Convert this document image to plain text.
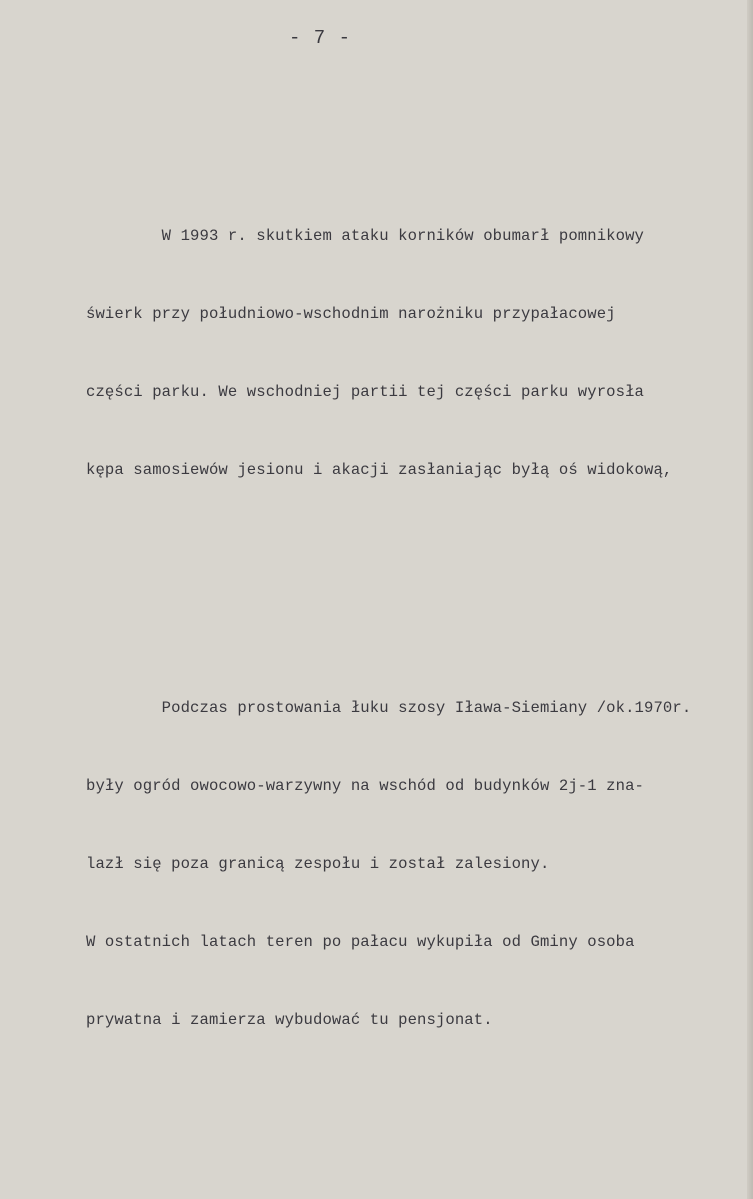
- 7 -

W 1993 r. skutkiem ataku korników obumarł pomnikowy

świerk przy południowo-wschodnim narożniku przypałacowej

części parku. We wschodniej partii tej części parku wyrosła

kępa samosiewów jesionu i akacji zasłaniając byłą oś widokową,

Podczas prostowania łuku szosy Iława-Siemiany /ok.1970r.

były ogród owocowo-warzywny na wschód od budynków 2j-1 zna-

lazł się poza granicą zespołu i został zalesiony.

W ostatnich latach teren po pałacu wykupiła od Gminy osoba

prywatna i zamierza wybudować tu pensjonat.
